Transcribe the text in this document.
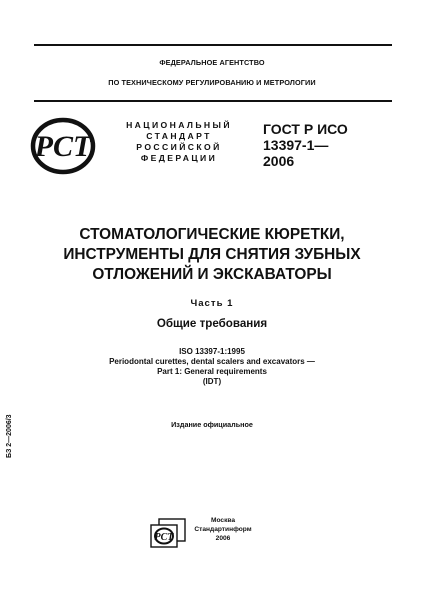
ФЕДЕРАЛЬНОЕ АГЕНТСТВО
ПО ТЕХНИЧЕСКОМУ РЕГУЛИРОВАНИЮ И МЕТРОЛОГИИ
РСТ
НАЦИОНАЛЬНЫЙ
СТАНДАРТ
РОССИЙСКОЙ
ФЕДЕРАЦИИ
ГОСТ Р ИСО
13397-1—
2006
СТОМАТОЛОГИЧЕСКИЕ КЮРЕТКИ,
ИНСТРУМЕНТЫ ДЛЯ СНЯТИЯ ЗУБНЫХ
ОТЛОЖЕНИЙ И ЭКСКАВАТОРЫ
Часть 1
Общие требования
ISO 13397-1:1995
Periodontal curettes, dental scalers and excavators —
Part 1: General requirements
(IDT)
Издание официальное
БЗ 2—2006/3
РСТ
Москва
Стандартинформ
2006
